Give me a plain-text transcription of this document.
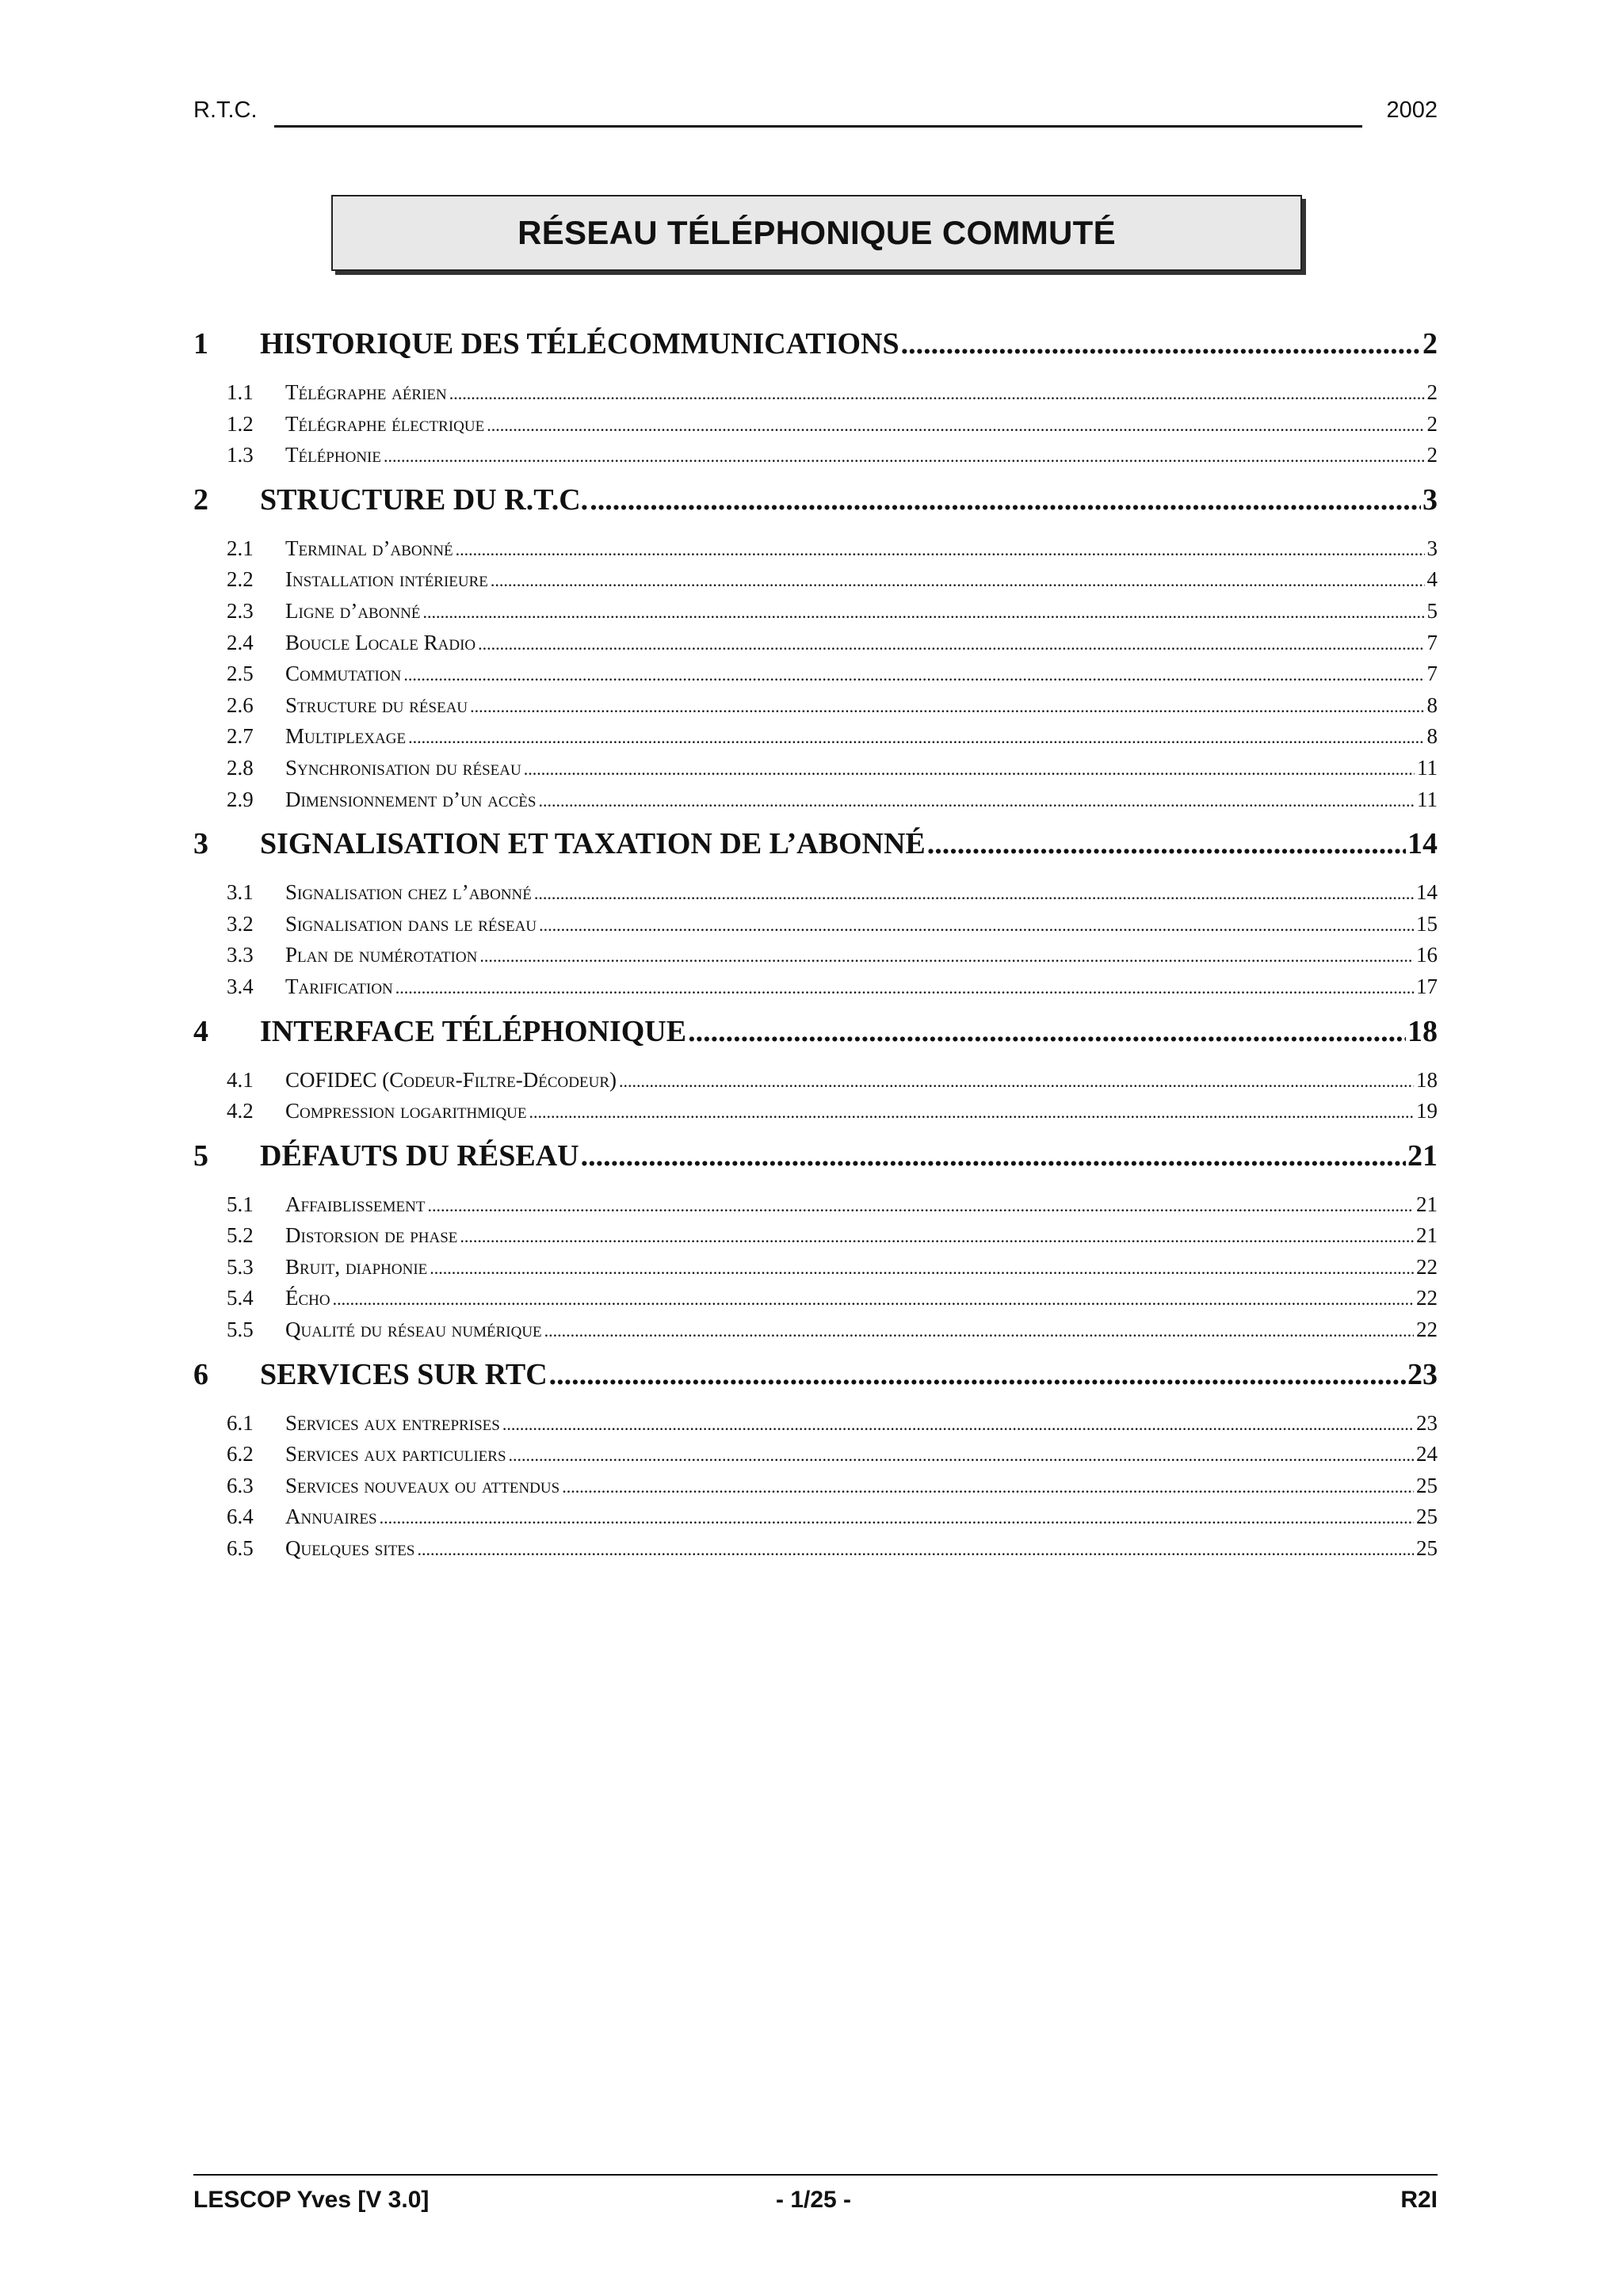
R.T.C.	2002
RÉSEAU TÉLÉPHONIQUE COMMUTÉ
1	HISTORIQUE DES TÉLÉCOMMUNICATIONS .....	2
1.1	Télégraphe aérien .....	2
1.2	Télégraphe électrique .....	2
1.3	Téléphonie .....	2
2	STRUCTURE DU R.T.C. .....	3
2.1	Terminal d’abonné .....	3
2.2	Installation intérieure .....	4
2.3	Ligne d’abonné .....	5
2.4	Boucle Locale Radio .....	7
2.5	Commutation .....	7
2.6	Structure du réseau .....	8
2.7	Multiplexage .....	8
2.8	Synchronisation du réseau .....	11
2.9	Dimensionnement d’un accès .....	11
3	SIGNALISATION ET TAXATION DE L’ABONNÉ .....	14
3.1	Signalisation chez l’abonné .....	14
3.2	Signalisation dans le réseau .....	15
3.3	Plan de numérotation .....	16
3.4	Tarification .....	17
4	INTERFACE TÉLÉPHONIQUE .....	18
4.1	COFIDEC (Codeur-Filtre-Décodeur) .....	18
4.2	Compression logarithmique .....	19
5	DÉFAUTS DU RÉSEAU .....	21
5.1	Affaiblissement .....	21
5.2	Distorsion de phase .....	21
5.3	Bruit, diaphonie .....	22
5.4	Écho .....	22
5.5	Qualité du réseau numérique .....	22
6	SERVICES SUR RTC .....	23
6.1	Services aux entreprises .....	23
6.2	Services aux particuliers .....	24
6.3	Services nouveaux ou attendus .....	25
6.4	Annuaires .....	25
6.5	Quelques sites .....	25
LESCOP Yves [V 3.0]	- 1/25 -	R2I
